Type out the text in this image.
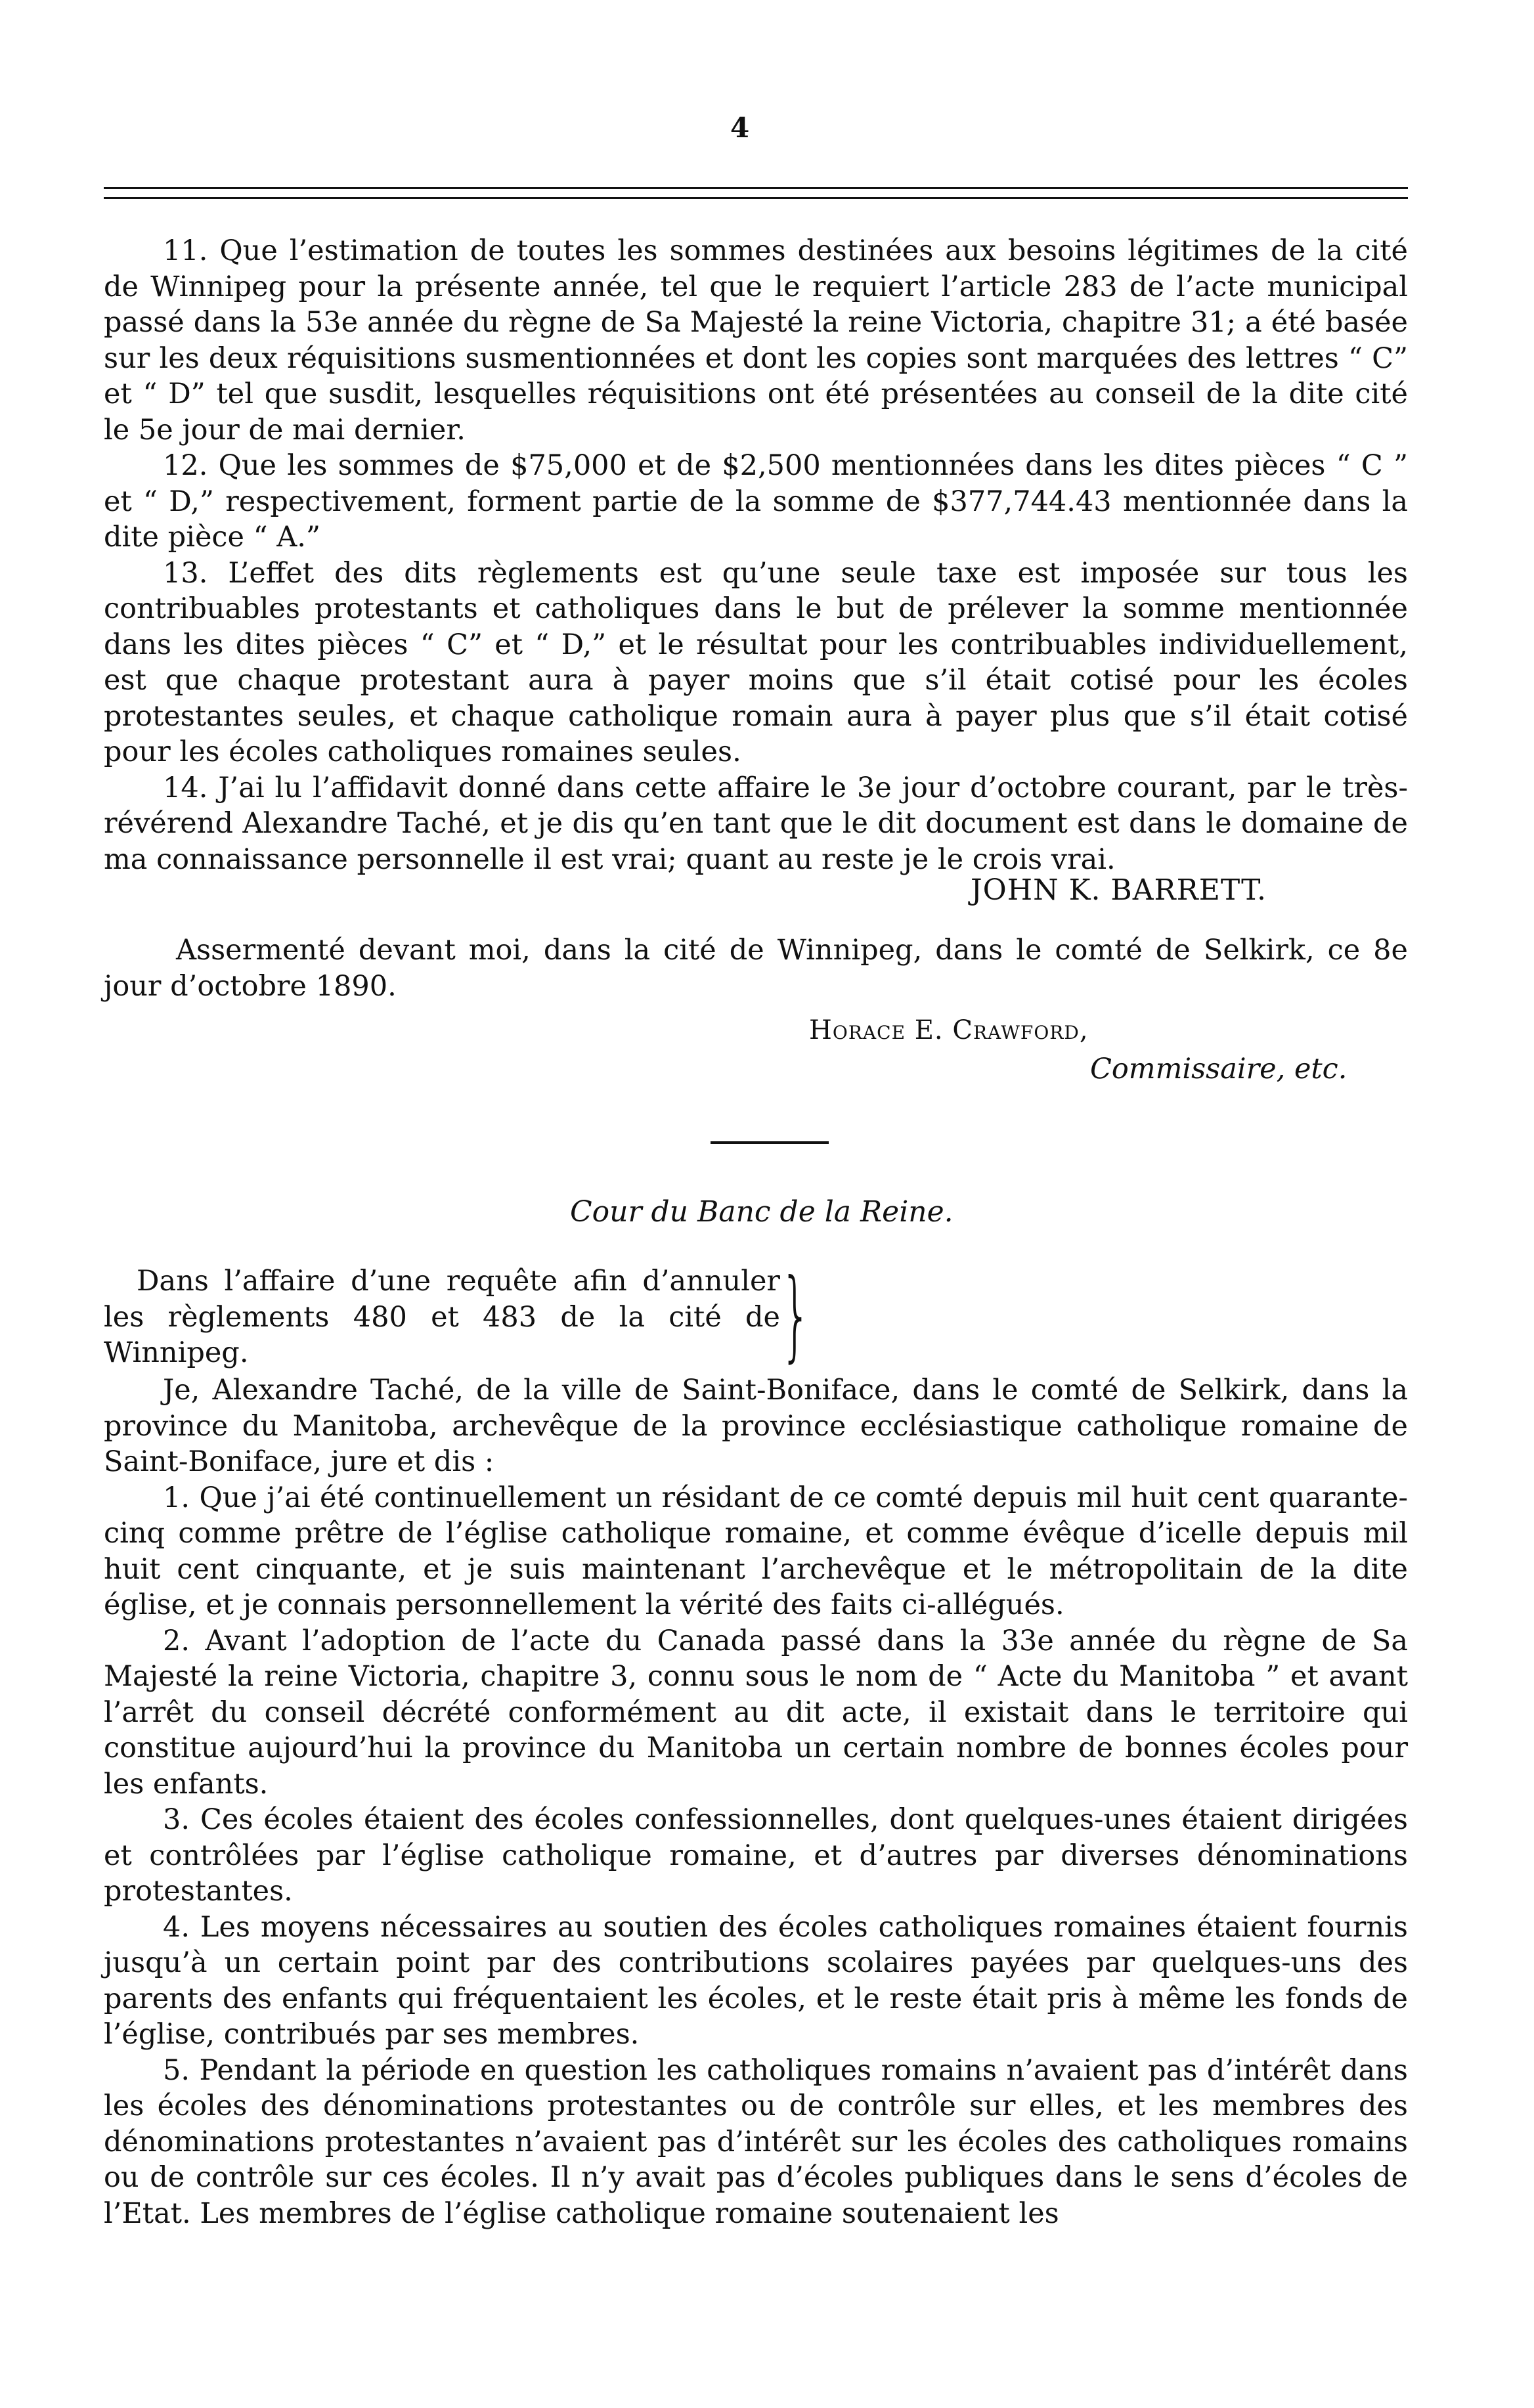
4

11. Que l’estimation de toutes les sommes destinées aux besoins légitimes de la cité de Winnipeg pour la présente année, tel que le requiert l’article 283 de l’acte municipal passé dans la 53e année du règne de Sa Majesté la reine Victoria, chapitre 31; a été basée sur les deux réquisitions susmentionnées et dont les copies sont marquées des lettres “ C” et “ D” tel que susdit, lesquelles réquisitions ont été présentées au conseil de la dite cité le 5e jour de mai dernier.

12. Que les sommes de $75,000 et de $2,500 mentionnées dans les dites pièces “ C ” et “ D,” respectivement, forment partie de la somme de $377,744.43 mentionnée dans la dite pièce “ A.”

13. L’effet des dits règlements est qu’une seule taxe est imposée sur tous les contribuables protestants et catholiques dans le but de prélever la somme mentionnée dans les dites pièces “ C” et “ D,” et le résultat pour les contribuables individuellement, est que chaque protestant aura à payer moins que s’il était cotisé pour les écoles protestantes seules, et chaque catholique romain aura à payer plus que s’il était cotisé pour les écoles catholiques romaines seules.

14. J’ai lu l’affidavit donné dans cette affaire le 3e jour d’octobre courant, par le très-révérend Alexandre Taché, et je dis qu’en tant que le dit document est dans le domaine de ma connaissance personnelle il est vrai; quant au reste je le crois vrai.

JOHN K. BARRETT.
Assermenté devant moi, dans la cité de Winnipeg, dans le comté de Selkirk, ce 8e jour d’octobre 1890.
Horace E. Crawford,
Commissaire, etc.
Cour du Banc de la Reine.

Dans l’affaire d’une requête afin d’annuler les règlements 480 et 483 de la cité de Winnipeg.	}

Je, Alexandre Taché, de la ville de Saint-Boniface, dans le comté de Selkirk, dans la province du Manitoba, archevêque de la province ecclésiastique catholique romaine de Saint-Boniface, jure et dis :

1. Que j’ai été continuellement un résidant de ce comté depuis mil huit cent quarante-cinq comme prêtre de l’église catholique romaine, et comme évêque d’icelle depuis mil huit cent cinquante, et je suis maintenant l’archevêque et le métropolitain de la dite église, et je connais personnellement la vérité des faits ci-allégués.

2. Avant l’adoption de l’acte du Canada passé dans la 33e année du règne de Sa Majesté la reine Victoria, chapitre 3, connu sous le nom de “ Acte du Manitoba ” et avant l’arrêt du conseil décrété conformément au dit acte, il existait dans le territoire qui constitue aujourd’hui la province du Manitoba un certain nombre de bonnes écoles pour les enfants.

3. Ces écoles étaient des écoles confessionnelles, dont quelques-unes étaient dirigées et contrôlées par l’église catholique romaine, et d’autres par diverses dénominations protestantes.

4. Les moyens nécessaires au soutien des écoles catholiques romaines étaient fournis jusqu’à un certain point par des contributions scolaires payées par quelques-uns des parents des enfants qui fréquentaient les écoles, et le reste était pris à même les fonds de l’église, contribués par ses membres.

5. Pendant la période en question les catholiques romains n’avaient pas d’intérêt dans les écoles des dénominations protestantes ou de contrôle sur elles, et les membres des dénominations protestantes n’avaient pas d’intérêt sur les écoles des catholiques romains ou de contrôle sur ces écoles. Il n’y avait pas d’écoles publiques dans le sens d’écoles de l’Etat. Les membres de l’église catholique romaine soutenaient les
